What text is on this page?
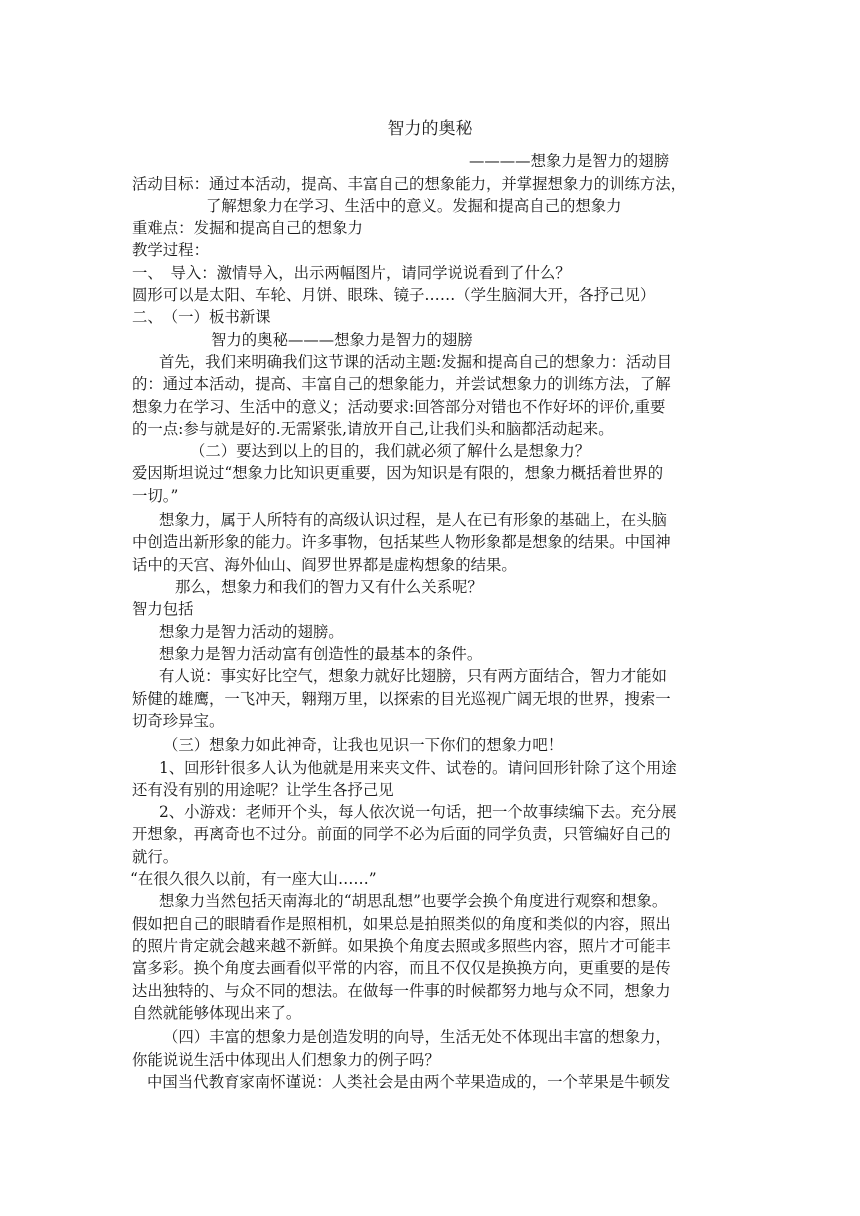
智力的奥秘
————想象力是智力的翅膀
活动目标：通过本活动，提高、丰富自己的想象能力，并掌握想象力的训练方法，
了解想象力在学习、生活中的意义。发掘和提高自己的想象力
重难点：发掘和提高自己的想象力
教学过程：
一、　导入：激情导入，出示两幅图片，请同学说说看到了什么？
圆形可以是太阳、车轮、月饼、眼珠、镜子……（学生脑洞大开，各抒己见）
二、　（一）板书新课
智力的奥秘———想象力是智力的翅膀
首先，我们来明确我们这节课的活动主题:发掘和提高自己的想象力：活动目
的：通过本活动，提高、丰富自己的想象能力，并尝试想象力的训练方法，了解
想象力在学习、生活中的意义；活动要求:回答部分对错也不作好坏的评价,重要
的一点:参与就是好的.无需紧张,请放开自己,让我们头和脑都活动起来。
（二）要达到以上的目的，我们就必须了解什么是想象力？
爱因斯坦说过“想象力比知识更重要，因为知识是有限的，想象力概括着世界的
一切。”
想象力，属于人所特有的高级认识过程，是人在已有形象的基础上，在头脑
中创造出新形象的能力。许多事物，包括某些人物形象都是想象的结果。中国神
话中的天宫、海外仙山、阎罗世界都是虚构想象的结果。
那么，想象力和我们的智力又有什么关系呢？
智力包括
想象力是智力活动的翅膀。
想象力是智力活动富有创造性的最基本的条件。
有人说：事实好比空气，想象力就好比翅膀，只有两方面结合，智力才能如
矫健的雄鹰，一飞冲天，翱翔万里，以探索的目光巡视广阔无垠的世界，搜索一
切奇珍异宝。
（三）想象力如此神奇，让我也见识一下你们的想象力吧！
1、回形针很多人认为他就是用来夹文件、试卷的。请问回形针除了这个用途
还有没有别的用途呢？让学生各抒己见
2、小游戏：老师开个头，每人依次说一句话，把一个故事续编下去。充分展
开想象，再离奇也不过分。前面的同学不必为后面的同学负责，只管编好自己的
就行。
“在很久很久以前，有一座大山……”
想象力当然包括天南海北的“胡思乱想”也要学会换个角度进行观察和想象。
假如把自己的眼睛看作是照相机，如果总是拍照类似的角度和类似的内容，照出
的照片肯定就会越来越不新鲜。如果换个角度去照或多照些内容，照片才可能丰
富多彩。换个角度去画看似平常的内容，而且不仅仅是换换方向，更重要的是传
达出独特的、与众不同的想法。在做每一件事的时候都努力地与众不同，想象力
自然就能够体现出来了。
（四）丰富的想象力是创造发明的向导，生活无处不体现出丰富的想象力，
你能说说生活中体现出人们想象力的例子吗？
中国当代教育家南怀谨说：人类社会是由两个苹果造成的，一个苹果是牛顿发
